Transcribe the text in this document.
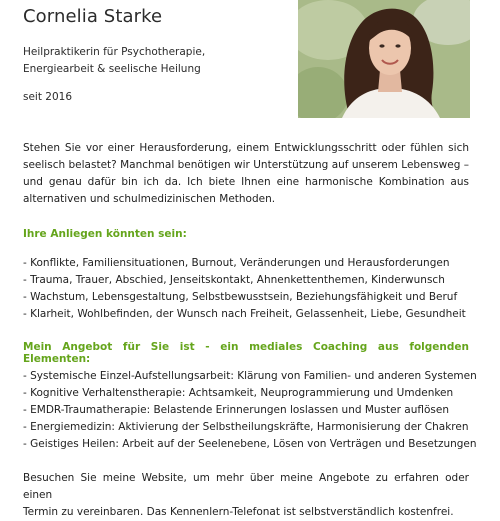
Cornelia Starke
Heilpraktikerin für Psychotherapie,
Energiearbeit & seelische Heilung
seit 2016
Stehen Sie vor einer Herausforderung, einem Entwicklungsschritt oder fühlen sich
seelisch belastet? Manchmal benötigen wir Unterstützung auf unserem Lebensweg –
und genau dafür bin ich da. Ich biete Ihnen eine harmonische Kombination aus
alternativen und schulmedizinischen Methoden.
Ihre Anliegen könnten sein:
- Konflikte, Familiensituationen, Burnout, Veränderungen und Herausforderungen
- Trauma, Trauer, Abschied, Jenseitskontakt, Ahnenkettenthemen, Kinderwunsch
- Wachstum, Lebensgestaltung, Selbstbewusstsein, Beziehungsfähigkeit und Beruf
- Klarheit, Wohlbefinden, der Wunsch nach Freiheit, Gelassenheit, Liebe, Gesundheit
Mein Angebot für Sie ist - ein mediales Coaching aus folgenden Elementen:
- Systemische Einzel-Aufstellungsarbeit: Klärung von Familien- und anderen Systemen
- Kognitive Verhaltenstherapie: Achtsamkeit, Neuprogrammierung und Umdenken
- EMDR-Traumatherapie: Belastende Erinnerungen loslassen und Muster auflösen
- Energiemedizin: Aktivierung der Selbstheilungskräfte, Harmonisierung der Chakren
- Geistiges Heilen: Arbeit auf der Seelenebene, Lösen von Verträgen und Besetzungen
Besuchen Sie meine Website, um mehr über meine Angebote zu erfahren oder einen
Termin zu vereinbaren. Das Kennenlern-Telefonat ist selbstverständlich kostenfrei.
